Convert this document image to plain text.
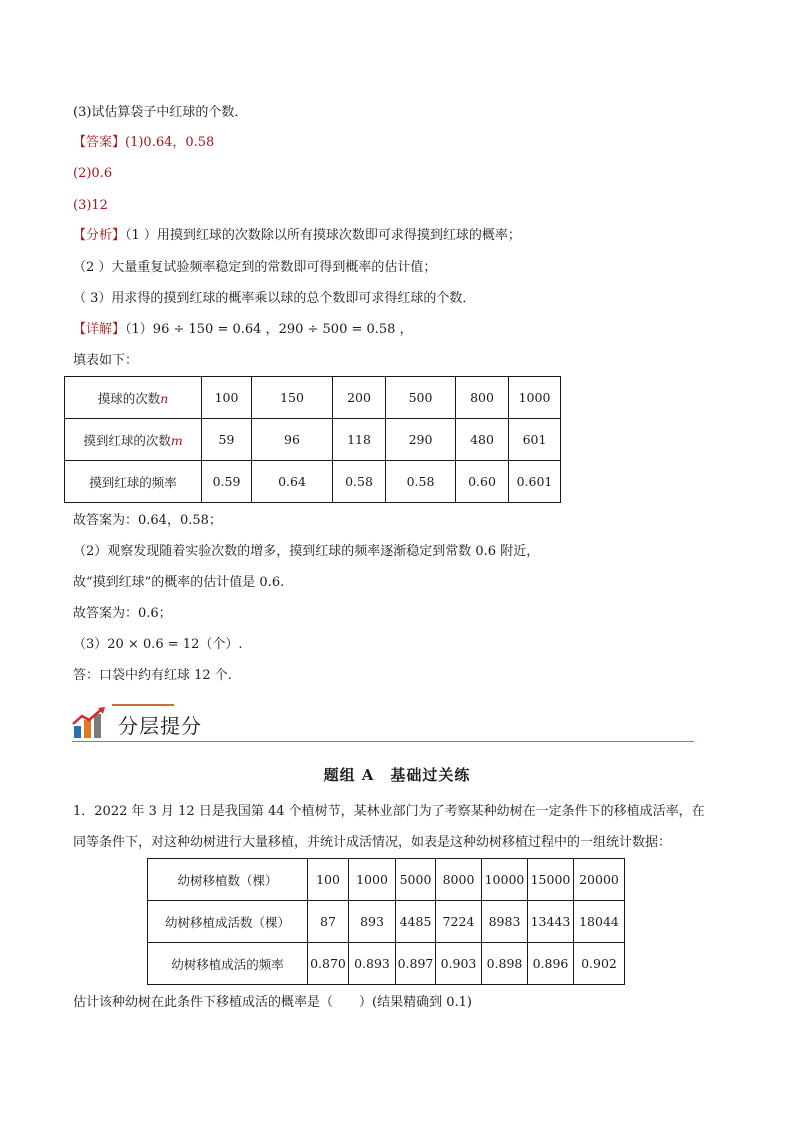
(3)试估算袋子中红球的个数．
【答案】(1)0.64，0.58
(2)0.6
(3)12
【分析】（1 ）用摸到红球的次数除以所有摸球次数即可求得摸到红球的概率；
（2 ）大量重复试验频率稳定到的常数即可得到概率的估计值；
（ 3）用求得的摸到红球的概率乘以球的总个数即可求得红球的个数．
【详解】（1）96 ÷ 150 = 0.64 ，290 ÷ 500 = 0.58 ，
填表如下：
摸球的次数n	100	150	200	500	800	1000
摸到红球的次数m	59	96	118	290	480	601
摸到红球的频率	0.59	0.64	0.58	0.58	0.60	0.601
故答案为：0.64，0.58；
（2）观察发现随着实验次数的增多，摸到红球的频率逐渐稳定到常数 0.6 附近，
故“摸到红球”的概率的估计值是 0.6.
故答案为：0.6；
（3）20 × 0.6 = 12（个）.
答：口袋中约有红球 12 个.
分层提分
题组 A　基础过关练
1．2022 年 3 月 12 日是我国第 44 个植树节，某林业部门为了考察某种幼树在一定条件下的移植成活率，在
同等条件下，对这种幼树进行大量移植，并统计成活情况，如表是这种幼树移植过程中的一组统计数据：
幼树移植数（棵）	100	1000	5000	8000	10000	15000	20000
幼树移植成活数（棵）	87	893	4485	7224	8983	13443	18044
幼树移植成活的频率	0.870	0.893	0.897	0.903	0.898	0.896	0.902
估计该种幼树在此条件下移植成活的概率是（　　）(结果精确到 0.1)
